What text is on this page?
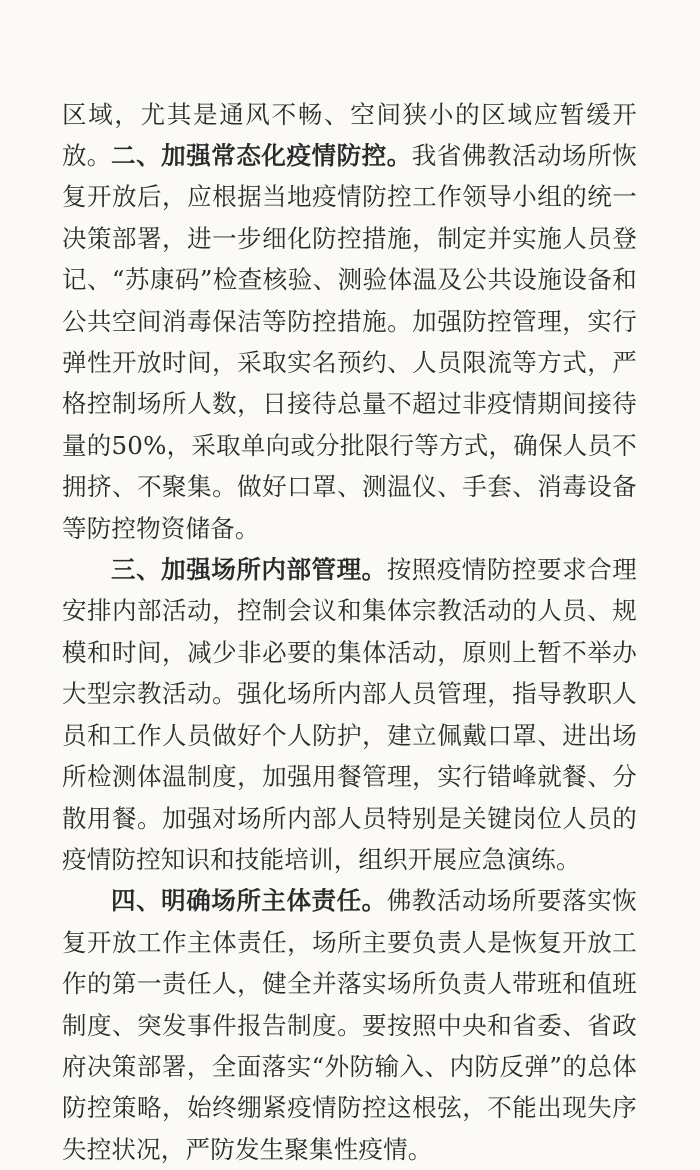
区域，尤其是通风不畅、空间狭小的区域应暂缓开放。 二、加强常态化疫情防控。我省佛教活动场所恢复开放后，应根据当地疫情防控工作领导小组的统一决策部署，进一步细化防控措施，制定并实施人员登记、“苏康码”检查核验、测验体温及公共设施设备和公共空间消毒保洁等防控措施。加强防控管理，实行弹性开放时间，采取实名预约、人员限流等方式，严格控制场所人数，日接待总量不超过非疫情期间接待量的50%，采取单向或分批限行等方式，确保人员不拥挤、不聚集。做好口罩、测温仪、手套、消毒设备等防控物资储备。

三、加强场所内部管理。按照疫情防控要求合理安排内部活动，控制会议和集体宗教活动的人员、规模和时间，减少非必要的集体活动，原则上暂不举办大型宗教活动。强化场所内部人员管理，指导教职人员和工作人员做好个人防护，建立佩戴口罩、进出场所检测体温制度，加强用餐管理，实行错峰就餐、分散用餐。加强对场所内部人员特别是关键岗位人员的疫情防控知识和技能培训，组织开展应急演练。

四、明确场所主体责任。佛教活动场所要落实恢复开放工作主体责任，场所主要负责人是恢复开放工作的第一责任人，健全并落实场所负责人带班和值班制度、突发事件报告制度。要按照中央和省委、省政府决策部署，全面落实“外防输入、内防反弹”的总体防控策略，始终绷紧疫情防控这根弦，不能出现失序失控状况，严防发生聚集性疫情。
